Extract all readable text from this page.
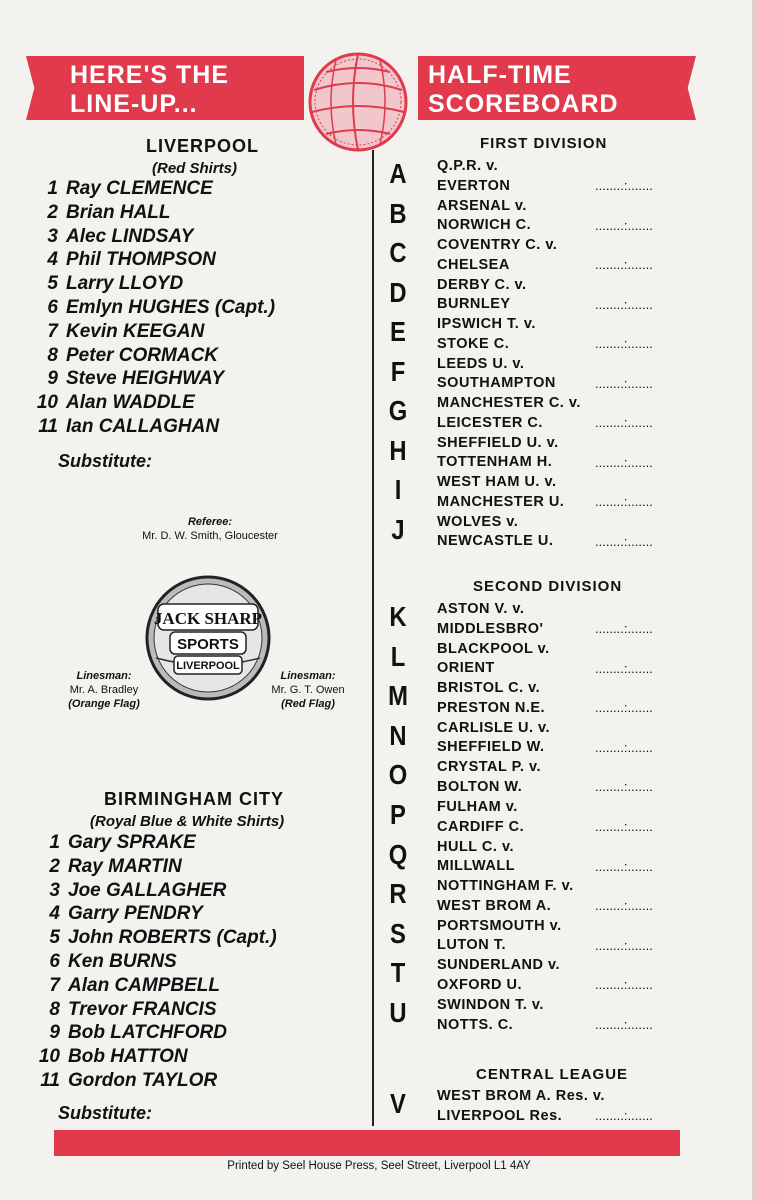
HERE'S THE
LINE-UP...
HALF-TIME
SCOREBOARD
LIVERPOOL
(Red Shirts)
1 Ray CLEMENCE
2 Brian HALL
3 Alec LINDSAY
4 Phil THOMPSON
5 Larry LLOYD
6 Emlyn HUGHES (Capt.)
7 Kevin KEEGAN
8 Peter CORMACK
9 Steve HEIGHWAY
10 Alan WADDLE
11 Ian CALLAGHAN
Substitute:
Referee:
Mr. D. W. Smith, Gloucester
Linesman:
Mr. A. Bradley
(Orange Flag)
Linesman:
Mr. G. T. Owen
(Red Flag)
JACK SHARP
SPORTS
LIVERPOOL
BIRMINGHAM CITY
(Royal Blue & White Shirts)
1 Gary SPRAKE
2 Ray MARTIN
3 Joe GALLAGHER
4 Garry PENDRY
5 John ROBERTS (Capt.)
6 Ken BURNS
7 Alan CAMPBELL
8 Trevor FRANCIS
9 Bob LATCHFORD
10 Bob HATTON
11 Gordon TAYLOR
Substitute:
FIRST DIVISION
A	Q.P.R. v.
EVERTON	........:.......
B	ARSENAL v.
NORWICH C.	........:.......
C	COVENTRY C. v.
CHELSEA	........:.......
D	DERBY C. v.
BURNLEY	........:.......
E	IPSWICH T. v.
STOKE C.	........:.......
F	LEEDS U. v.
SOUTHAMPTON	........:.......
G	MANCHESTER C. v.
LEICESTER C.	........:.......
H	SHEFFIELD U. v.
TOTTENHAM H.	........:.......
I	WEST HAM U. v.
MANCHESTER U.	........:.......
J	WOLVES v.
NEWCASTLE U.	........:.......
SECOND DIVISION
K	ASTON V. v.
MIDDLESBRO'	........:.......
L	BLACKPOOL v.
ORIENT	........:.......
M	BRISTOL C. v.
PRESTON N.E.	........:.......
N	CARLISLE U. v.
SHEFFIELD W.	........:.......
O	CRYSTAL P. v.
BOLTON W.	........:.......
P	FULHAM v.
CARDIFF C.	........:.......
Q	HULL C. v.
MILLWALL	........:.......
R	NOTTINGHAM F. v.
WEST BROM A.	........:.......
S	PORTSMOUTH v.
LUTON T.	........:.......
T	SUNDERLAND v.
OXFORD U.	........:.......
U	SWINDON T. v.
NOTTS. C.	........:.......
CENTRAL LEAGUE
V	WEST BROM A. Res. v.
LIVERPOOL Res.	........:.......
Printed by Seel House Press, Seel Street, Liverpool L1 4AY
